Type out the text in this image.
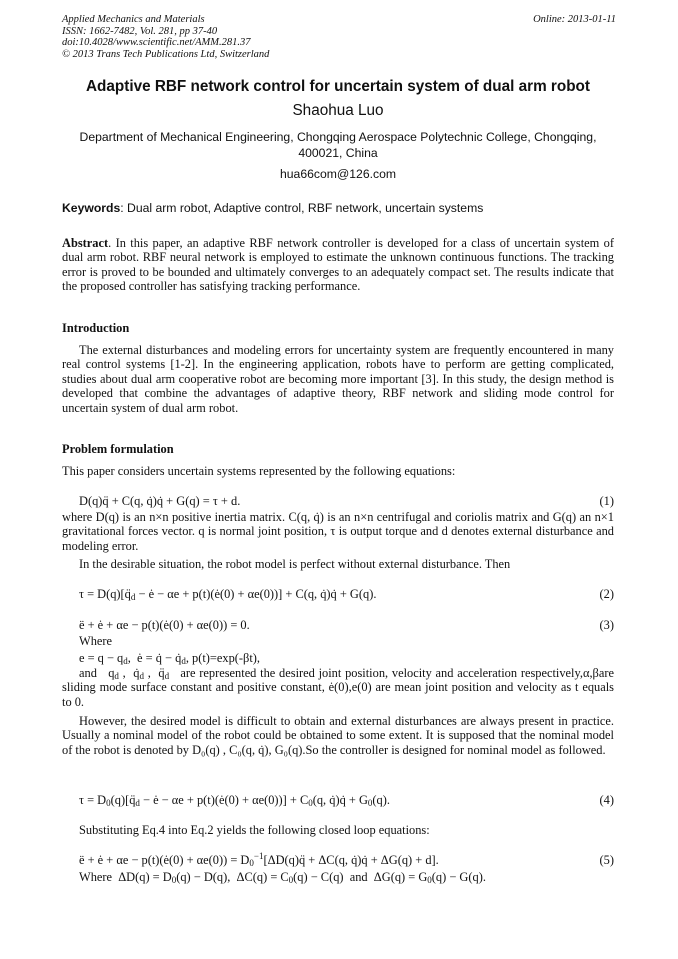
Applied Mechanics and Materials
ISSN: 1662-7482, Vol. 281, pp 37-40
doi:10.4028/www.scientific.net/AMM.281.37
© 2013 Trans Tech Publications Ltd, Switzerland
Online: 2013-01-11
Adaptive RBF network control for uncertain system of dual arm robot
Shaohua Luo
Department of Mechanical Engineering, Chongqing Aerospace Polytechnic College, Chongqing, 400021, China
hua66com@126.com
Keywords: Dual arm robot, Adaptive control, RBF network, uncertain systems
Abstract. In this paper, an adaptive RBF network controller is developed for a class of uncertain system of dual arm robot. RBF neural network is employed to estimate the unknown continuous functions. The tracking error is proved to be bounded and ultimately converges to an adequately compact set. The results indicate that the proposed controller has satisfying tracking performance.
Introduction
The external disturbances and modeling errors for uncertainty system are frequently encountered in many real control systems [1-2]. In the engineering application, robots have to perform are getting complicated, studies about dual arm cooperative robot are becoming more important [3]. In this study, the design method is developed that combine the advantages of adaptive theory, RBF network and sliding mode control for uncertain system of dual arm robot.
Problem formulation
This paper considers uncertain systems represented by the following equations:
D(q)q̈ + C(q, q̇)q̇ + G(q) = τ + d.	(1)
where D(q) is an n×n positive inertia matrix. C(q, q̇) is an n×n centrifugal and coriolis matrix and G(q) an n×1 gravitational forces vector. q is normal joint position, τ is output torque and d denotes external disturbance and modeling error.
In the desirable situation, the robot model is perfect without external disturbance. Then
$\tau = D(q)[q̈_d$ − ė − αe + p(t)(ė(0) + αe(0))] + C(q, q̇)q̇ + G(q).	(2)
ë + ė + αe − p(t)(ė(0) + αe(0)) = 0.	(3)
Where
$e = q - q_d$,  ė = q̇ − $q̇_d$, p(t)=exp(-βt),
and   $q_d$ ,  $q̇_d$ ,  $q̈_d$ are represented the desired joint position, velocity and acceleration respectively,α,βare sliding mode surface constant and positive constant, ė(0),e(0) are mean joint position and velocity as t equals to 0.
However, the desired model is difficult to obtain and external disturbances are always present in practice. Usually a nominal model of the robot could be obtained to some extent. It is supposed that the nominal model of the robot is denoted by D₀(q) , C₀(q, q̇), G₀(q).So the controller is designed for nominal model as followed.
$\tau = D_0(q)[q̈_d$ − ė − αe + p(t)(ė(0) + $\alpha e(0))] + C_0(q$, q̇)q̇ + $G_0(q)$.	(4)
Substituting Eq.4 into Eq.2 yields the following closed loop equations:
ë + ė + αe − p(t)(ė(0) + $\alpha e(0)) = D_0^{-1}[\Delta D(q)q̈ + \Delta C(q$, q̇)q̇ + ΔG(q) + d].	(5)
Where  $\Delta D(q) = D_0(q) - D(q)$,  $\Delta C(q) = C_0(q) - C(q)$  and  $\Delta G(q) = G_0(q) - G(q)$.
